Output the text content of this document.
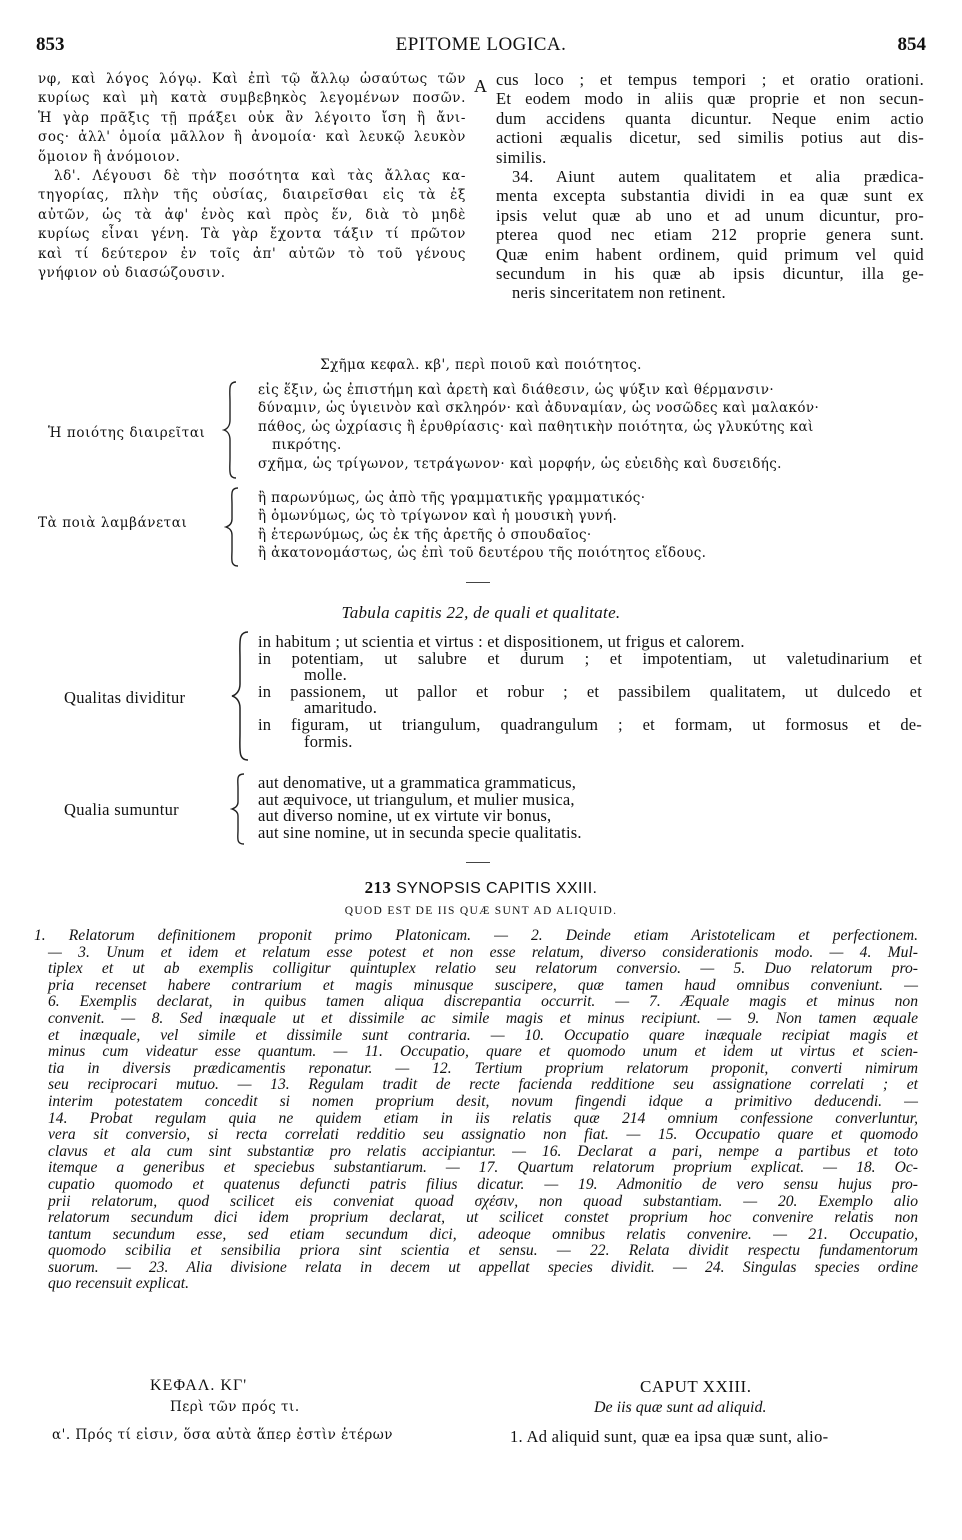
853	EPITOME LOGICA.	854
νφ, καὶ λόγος λόγῳ. Καὶ ἐπὶ τῷ ἄλλῳ ὡσαύτως τῶν
κυρίως καὶ μὴ κατὰ συμβεβηκὸς λεγομένων ποσῶν.
Ἡ γὰρ πρᾶξις τῇ πράξει οὐκ ἂν λέγοιτο ἴση ἢ ἄνι-
σος· ἀλλ' ὁμοία μᾶλλον ἢ ἀνομοία· καὶ λευκῷ λευκὸν
ὅμοιον ἢ ἀνόμοιον.
λδ'. Λέγουσι δὲ τὴν ποσότητα καὶ τὰς ἄλλας κα-
τηγορίας, πλὴν τῆς οὐσίας, διαιρεῖσθαι εἰς τὰ ἐξ
αὐτῶν, ὡς τὰ ἀφ' ἑνὸς καὶ πρὸς ἕν, διὰ τὸ μηδὲ
κυρίως εἶναι γένη. Τὰ γὰρ ἔχοντα τάξιν τί πρῶτον
καὶ τί δεύτερον ἐν τοῖς ἀπ' αὐτῶν τὸ τοῦ γένους
γνήφιον οὐ διασώζουσιν.
A cus loco ; et tempus tempori ; et oratio orationi.
Et eodem modo in aliis quæ proprie et non secun-
dum accidens quanta dicuntur. Neque enim actio
actioni æqualis dicetur, sed similis potius aut dis-
similis.
34. Aiunt autem qualitatem et alia prædica-
menta excepta substantia dividi in ea quæ sunt ex
ipsis velut quæ ab uno et ad unum dicuntur, pro-
pterea quod nec etiam 212 proprie genera sunt.
Quæ enim habent ordinem, quid primum vel quid
secundum in his quæ ab ipsis dicuntur, illa ge-
neris sinceritatem non retinent.
Σχῆμα κεφαλ. κβ', περὶ ποιοῦ καὶ ποιότητος.
Ἡ ποιότης διαιρεῖται
εἰς ἕξιν, ὡς ἐπιστήμη καὶ ἀρετὴ καὶ διάθεσιν, ὡς ψύξιν καὶ θέρμανσιν·
δύναμιν, ὡς ὑγιεινὸν καὶ σκληρόν· καὶ ἀδυναμίαν, ὡς νοσῶδες καὶ μαλακόν·
πάθος, ὡς ὠχρίασις ἢ ἐρυθρίασις· καὶ παθητικὴν ποιότητα, ὡς γλυκύτης καὶ
πικρότης.
σχῆμα, ὡς τρίγωνον, τετράγωνον· καὶ μορφήν, ὡς εὐειδὴς καὶ δυσειδής.
Τὰ ποιὰ λαμβάνεται
ἢ παρωνύμως, ὡς ἀπὸ τῆς γραμματικῆς γραμματικός·
ἢ ὁμωνύμως, ὡς τὸ τρίγωνον καὶ ἡ μουσικὴ γυνή.
ἢ ἑτερωνύμως, ὡς ἐκ τῆς ἀρετῆς ὁ σπουδαῖος·
ἢ ἀκατονομάστως, ὡς ἐπὶ τοῦ δευτέρου τῆς ποιότητος εἴδους.
Tabula capitis 22, de quali et qualitate.
Qualitas dividitur
in habitum ; ut scientia et virtus : et dispositionem, ut frigus et calorem.
in potentiam, ut salubre et durum ; et impotentiam, ut valetudinarium et
molle.
in passionem, ut pallor et robur ; et passibilem qualitatem, ut dulcedo et
amaritudo.
in figuram, ut triangulum, quadrangulum ; et formam, ut formosus et de-
formis.
Qualia sumuntur
aut denomative, ut a grammatica grammaticus,
aut æquivoce, ut triangulum, et mulier musica,
aut diverso nomine, ut ex virtute vir bonus,
aut sine nomine, ut in secunda specie qualitatis.
213 SYNOPSIS CAPITIS XXIII.
QUOD EST DE IIS QUÆ SUNT AD ALIQUID.
1. Relatorum definitionem proponit primo Platonicam. — 2. Deinde etiam Aristotelicam et perfectionem.
— 3. Unum et idem et relatum esse potest et non esse relatum, diverso considerationis modo. — 4. Mul-
tiplex et ut ab exemplis colligitur quintuplex relatio seu relatorum conversio. — 5. Duo relatorum pro-
pria recenset habere contrarium et magis minusque suscipere, quæ tamen haud omnibus conveniunt. —
6. Exemplis declarat, in quibus tamen aliqua discrepantia occurrit. — 7. Æquale magis et minus non
convenit. — 8. Sed inæquale ut et dissimile ac simile magis et minus recipiunt. — 9. Non tamen æquale
et inæquale, vel simile et dissimile sunt contraria. — 10. Occupatio quare inæquale recipiat magis et
minus cum videatur esse quantum. — 11. Occupatio, quare et quomodo unum et idem ut virtus et scien-
tia in diversis prædicamentis reponatur. — 12. Tertium proprium relatorum proponit, converti nimirum
seu reciprocari mutuo. — 13. Regulam tradit de recte facienda redditione seu assignatione correlati ; et
interim potestatem concedit si nomen proprium desit, novum fingendi idque a primitivo deducendi. —
14. Probat regulam quia ne quidem etiam in iis relatis quæ 214 omnium confessione converluntur,
vera sit conversio, si recta correlati redditio seu assignatio non fiat. — 15. Occupatio quare et quomodo
clavus et ala cum sint substantiæ pro relatis accipiantur. — 16. Declarat a pari, nempe a partibus et toto
itemque a generibus et speciebus substantiarum. — 17. Quartum relatorum proprium explicat. — 18. Oc-
cupatio quomodo et quatenus defuncti patris filius dicatur. — 19. Admonitio de vero sensu hujus pro-
prii relatorum, quod scilicet eis conveniat quoad σχέσιν, non quoad substantiam. — 20. Exemplo alio
relatorum secundum dici idem proprium declarat, ut scilicet constet proprium hoc convenire relatis non
tantum secundum esse, sed etiam secundum dici, adeoque omnibus relatis convenire. — 21. Occupatio,
quomodo scibilia et sensibilia priora sint scientia et sensu. — 22. Relata dividit respectu fundamentorum
suorum. — 23. Alia divisione relata in decem ut appellat species dividit. — 24. Singulas species ordine
quo recensuit explicat.
ΚΕΦΑΛ. ΚΓ'
Περὶ τῶν πρός τι.
CAPUT XXIII.
De iis quæ sunt ad aliquid.
α'. Πρός τί εἰσιν, ὅσα αὐτὰ ἅπερ ἐστὶν ἑτέρων	1. Ad aliquid sunt, quæ ea ipsa quæ sunt, alio-
